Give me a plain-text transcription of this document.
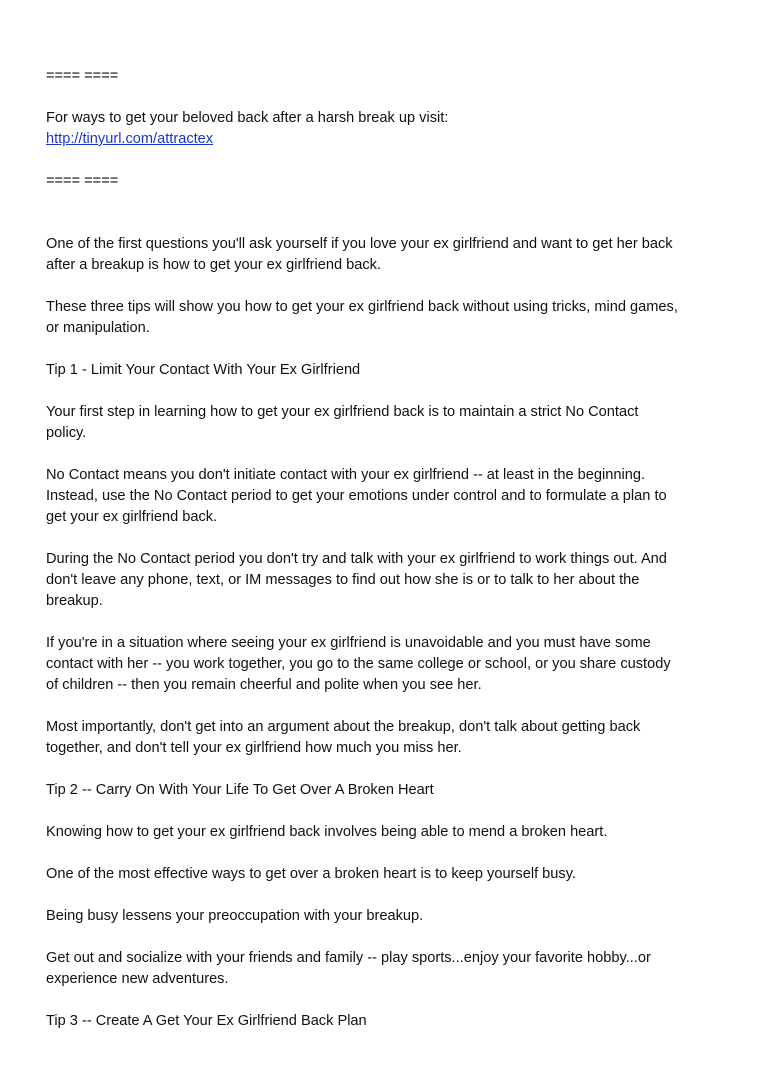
==== ====
For ways to get your beloved back after a harsh break up visit:
http://tinyurl.com/attractex
==== ====
One of the first questions you'll ask yourself if you love your ex girlfriend and want to get her back
after a breakup is how to get your ex girlfriend back.
These three tips will show you how to get your ex girlfriend back without using tricks, mind games,
or manipulation.
Tip 1 - Limit Your Contact With Your Ex Girlfriend
Your first step in learning how to get your ex girlfriend back is to maintain a strict No Contact
policy.
No Contact means you don't initiate contact with your ex girlfriend -- at least in the beginning.
Instead, use the No Contact period to get your emotions under control and to formulate a plan to
get your ex girlfriend back.
During the No Contact period you don't try and talk with your ex girlfriend to work things out. And
don't leave any phone, text, or IM messages to find out how she is or to talk to her about the
breakup.
If you're in a situation where seeing your ex girlfriend is unavoidable and you must have some
contact with her -- you work together, you go to the same college or school, or you share custody
of children -- then you remain cheerful and polite when you see her.
Most importantly, don't get into an argument about the breakup, don't talk about getting back
together, and don't tell your ex girlfriend how much you miss her.
Tip 2 -- Carry On With Your Life To Get Over A Broken Heart
Knowing how to get your ex girlfriend back involves being able to mend a broken heart.
One of the most effective ways to get over a broken heart is to keep yourself busy.
Being busy lessens your preoccupation with your breakup.
Get out and socialize with your friends and family -- play sports...enjoy your favorite hobby...or
experience new adventures.
Tip 3 -- Create A Get Your Ex Girlfriend Back Plan
